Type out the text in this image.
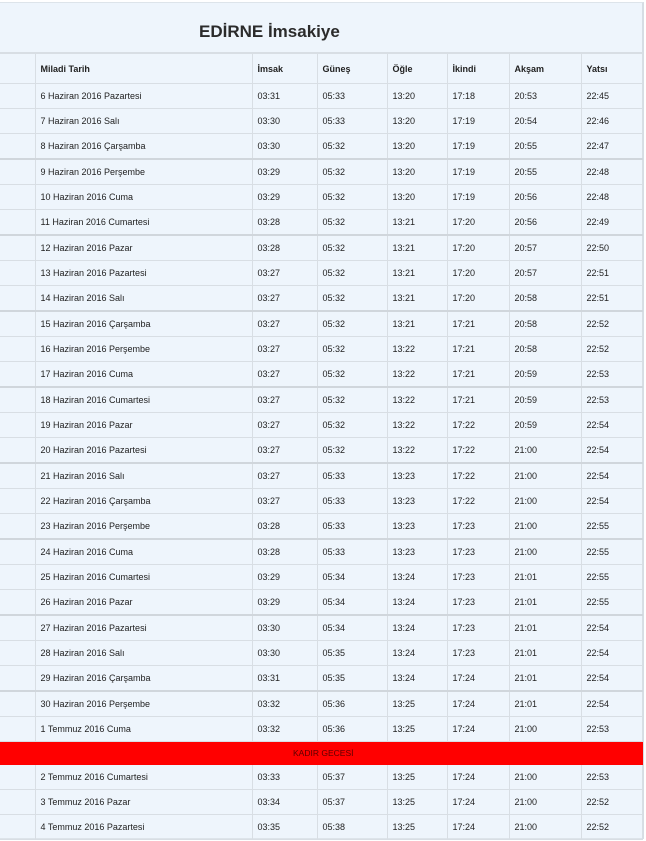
EDİRNE İmsakiye
	Miladi Tarih	İmsak	Güneş	Öğle	İkindi	Akşam	Yatsı
	6 Haziran 2016 Pazartesi	03:31	05:33	13:20	17:18	20:53	22:45
	7 Haziran 2016 Salı	03:30	05:33	13:20	17:19	20:54	22:46
	8 Haziran 2016 Çarşamba	03:30	05:32	13:20	17:19	20:55	22:47
	9 Haziran 2016 Perşembe	03:29	05:32	13:20	17:19	20:55	22:48
	10 Haziran 2016 Cuma	03:29	05:32	13:20	17:19	20:56	22:48
	11 Haziran 2016 Cumartesi	03:28	05:32	13:21	17:20	20:56	22:49
	12 Haziran 2016 Pazar	03:28	05:32	13:21	17:20	20:57	22:50
	13 Haziran 2016 Pazartesi	03:27	05:32	13:21	17:20	20:57	22:51
	14 Haziran 2016 Salı	03:27	05:32	13:21	17:20	20:58	22:51
	15 Haziran 2016 Çarşamba	03:27	05:32	13:21	17:21	20:58	22:52
	16 Haziran 2016 Perşembe	03:27	05:32	13:22	17:21	20:58	22:52
	17 Haziran 2016 Cuma	03:27	05:32	13:22	17:21	20:59	22:53
	18 Haziran 2016 Cumartesi	03:27	05:32	13:22	17:21	20:59	22:53
	19 Haziran 2016 Pazar	03:27	05:32	13:22	17:22	20:59	22:54
	20 Haziran 2016 Pazartesi	03:27	05:32	13:22	17:22	21:00	22:54
	21 Haziran 2016 Salı	03:27	05:33	13:23	17:22	21:00	22:54
	22 Haziran 2016 Çarşamba	03:27	05:33	13:23	17:22	21:00	22:54
	23 Haziran 2016 Perşembe	03:28	05:33	13:23	17:23	21:00	22:55
	24 Haziran 2016 Cuma	03:28	05:33	13:23	17:23	21:00	22:55
	25 Haziran 2016 Cumartesi	03:29	05:34	13:24	17:23	21:01	22:55
	26 Haziran 2016 Pazar	03:29	05:34	13:24	17:23	21:01	22:55
	27 Haziran 2016 Pazartesi	03:30	05:34	13:24	17:23	21:01	22:54
	28 Haziran 2016 Salı	03:30	05:35	13:24	17:23	21:01	22:54
	29 Haziran 2016 Çarşamba	03:31	05:35	13:24	17:24	21:01	22:54
	30 Haziran 2016 Perşembe	03:32	05:36	13:25	17:24	21:01	22:54
	1 Temmuz 2016 Cuma	03:32	05:36	13:25	17:24	21:00	22:53
KADIR GECESİ							
	2 Temmuz 2016 Cumartesi	03:33	05:37	13:25	17:24	21:00	22:53
	3 Temmuz 2016 Pazar	03:34	05:37	13:25	17:24	21:00	22:52
	4 Temmuz 2016 Pazartesi	03:35	05:38	13:25	17:24	21:00	22:52
